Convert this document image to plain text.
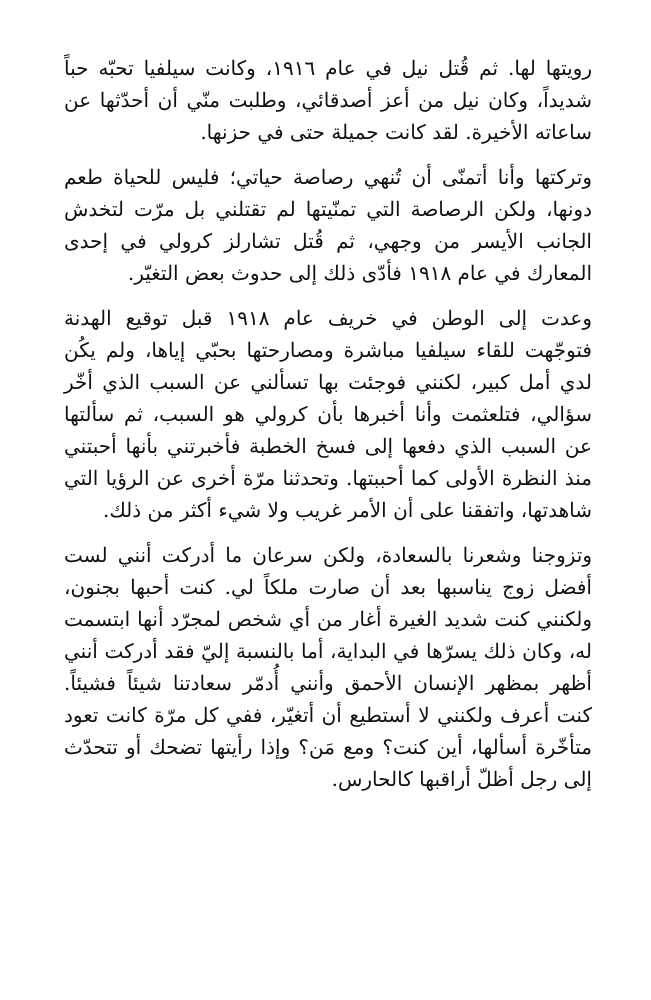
رويتها لها. ثم قُتل نيل في عام ١٩١٦، وكانت سيلفيا تحبّه حباً شديداً، وكان نيل من أعز أصدقائي، وطلبت منّي أن أحدّثها عن ساعاته الأخيرة. لقد كانت جميلة حتى في حزنها.

وتركتها وأنا أتمنّى أن تُنهي رصاصة حياتي؛ فليس للحياة طعم دونها، ولكن الرصاصة التي تمنّيتها لم تقتلني بل مرّت لتخدش الجانب الأيسر من وجهي، ثم قُتل تشارلز كرولي في إحدى المعارك في عام ١٩١٨ فأدّى ذلك إلى حدوث بعض التغيّر.

وعدت إلى الوطن في خريف عام ١٩١٨ قبل توقيع الهدنة فتوجّهت للقاء سيلفيا مباشرة ومصارحتها بحبّي إياها، ولم يكُن لدي أمل كبير، لكنني فوجئت بها تسألني عن السبب الذي أخّر سؤالي، فتلعثمت وأنا أخبرها بأن كرولي هو السبب، ثم سألتها عن السبب الذي دفعها إلى فسخ الخطبة فأخبرتني بأنها أحبتني منذ النظرة الأولى كما أحببتها. وتحدثنا مرّة أخرى عن الرؤيا التي شاهدتها، واتفقنا على أن الأمر غريب ولا شيء أكثر من ذلك.

وتزوجنا وشعرنا بالسعادة، ولكن سرعان ما أدركت أنني لست أفضل زوج يناسبها بعد أن صارت ملكاً لي. كنت أحبها بجنون، ولكنني كنت شديد الغيرة أغار من أي شخص لمجرّد أنها ابتسمت له، وكان ذلك يسرّها في البداية، أما بالنسبة إليّ فقد أدركت أنني أظهر بمظهر الإنسان الأحمق وأنني أُدمّر سعادتنا شيئاً فشيئاً. كنت أعرف ولكنني لا أستطيع أن أتغيّر، ففي كل مرّة كانت تعود متأخّرة أسألها، أين كنت؟ ومع مَن؟ وإذا رأيتها تضحك أو تتحدّث إلى رجل أظلّ أراقبها كالحارس.
